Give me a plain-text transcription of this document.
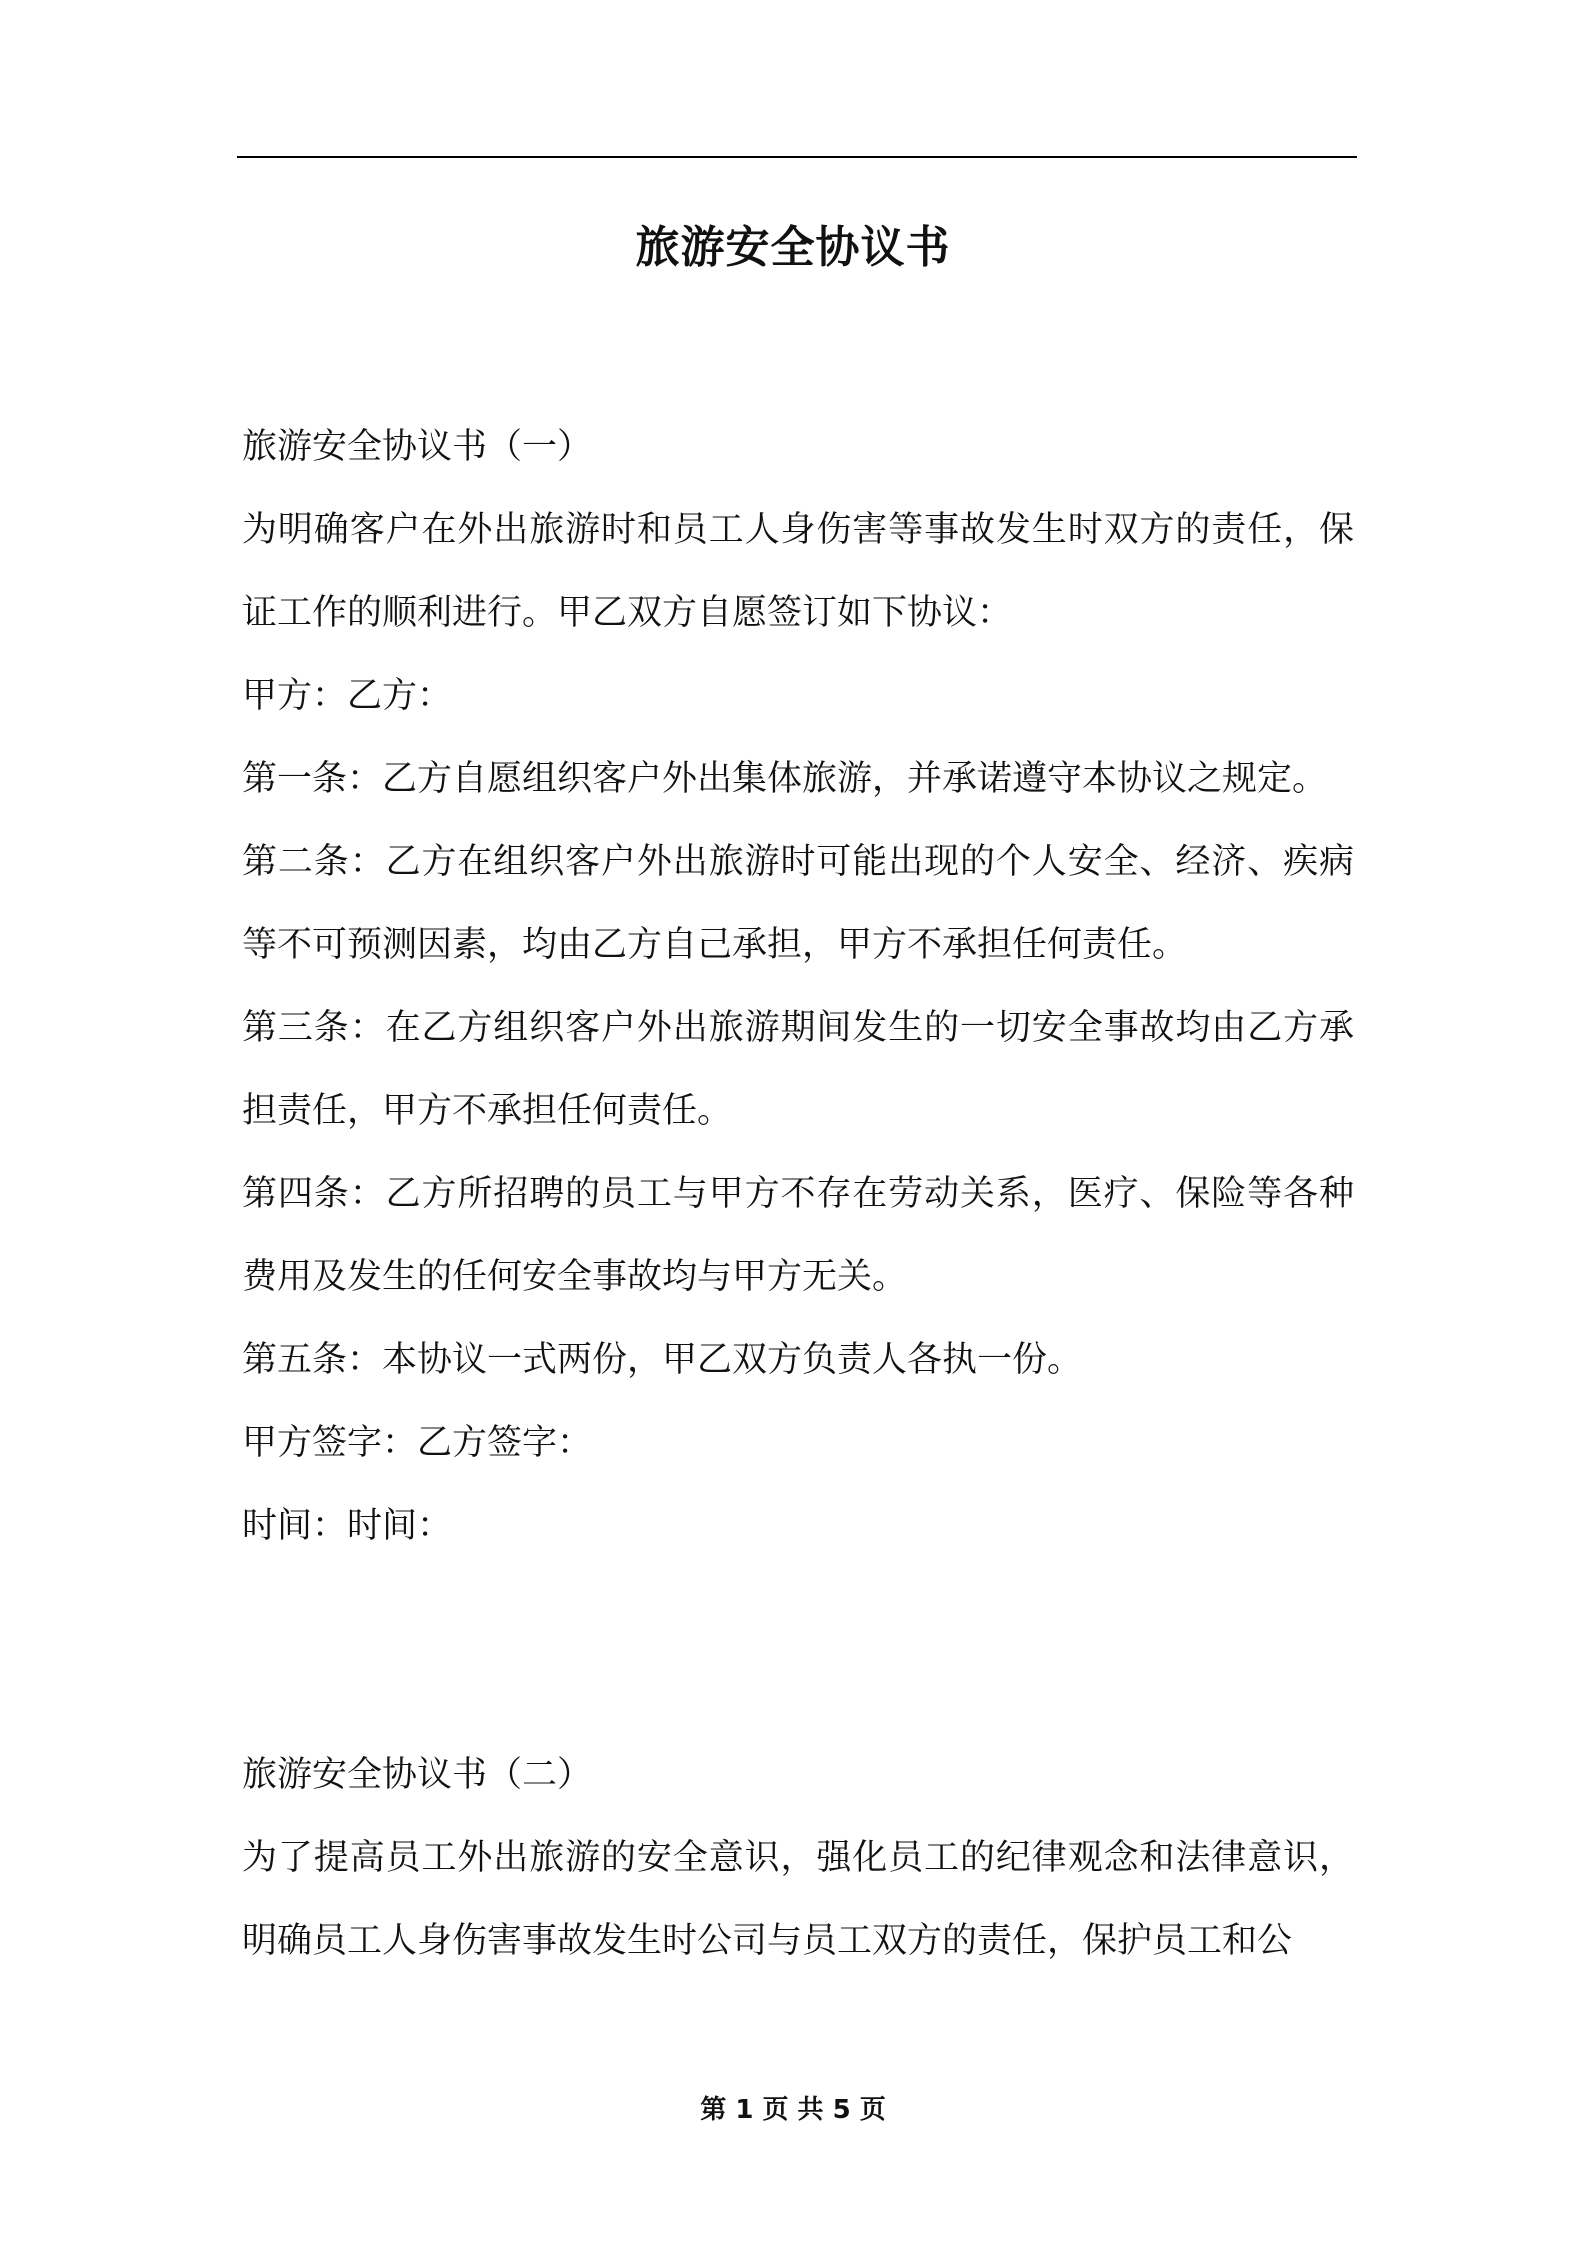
旅游安全协议书

旅游安全协议书（一）

为明确客户在外出旅游时和员工人身伤害等事故发生时双方的责任，保证工作的顺利进行。甲乙双方自愿签订如下协议：

甲方：乙方：

第一条：乙方自愿组织客户外出集体旅游，并承诺遵守本协议之规定。

第二条：乙方在组织客户外出旅游时可能出现的个人安全、经济、疾病等不可预测因素，均由乙方自己承担，甲方不承担任何责任。

第三条：在乙方组织客户外出旅游期间发生的一切安全事故均由乙方承担责任，甲方不承担任何责任。

第四条：乙方所招聘的员工与甲方不存在劳动关系，医疗、保险等各种费用及发生的任何安全事故均与甲方无关。

第五条：本协议一式两份，甲乙双方负责人各执一份。

甲方签字：乙方签字：

时间：时间：

旅游安全协议书（二）

为了提高员工外出旅游的安全意识，强化员工的纪律观念和法律意识，明确员工人身伤害事故发生时公司与员工双方的责任，保护员工和公

第 1 页 共 5 页
